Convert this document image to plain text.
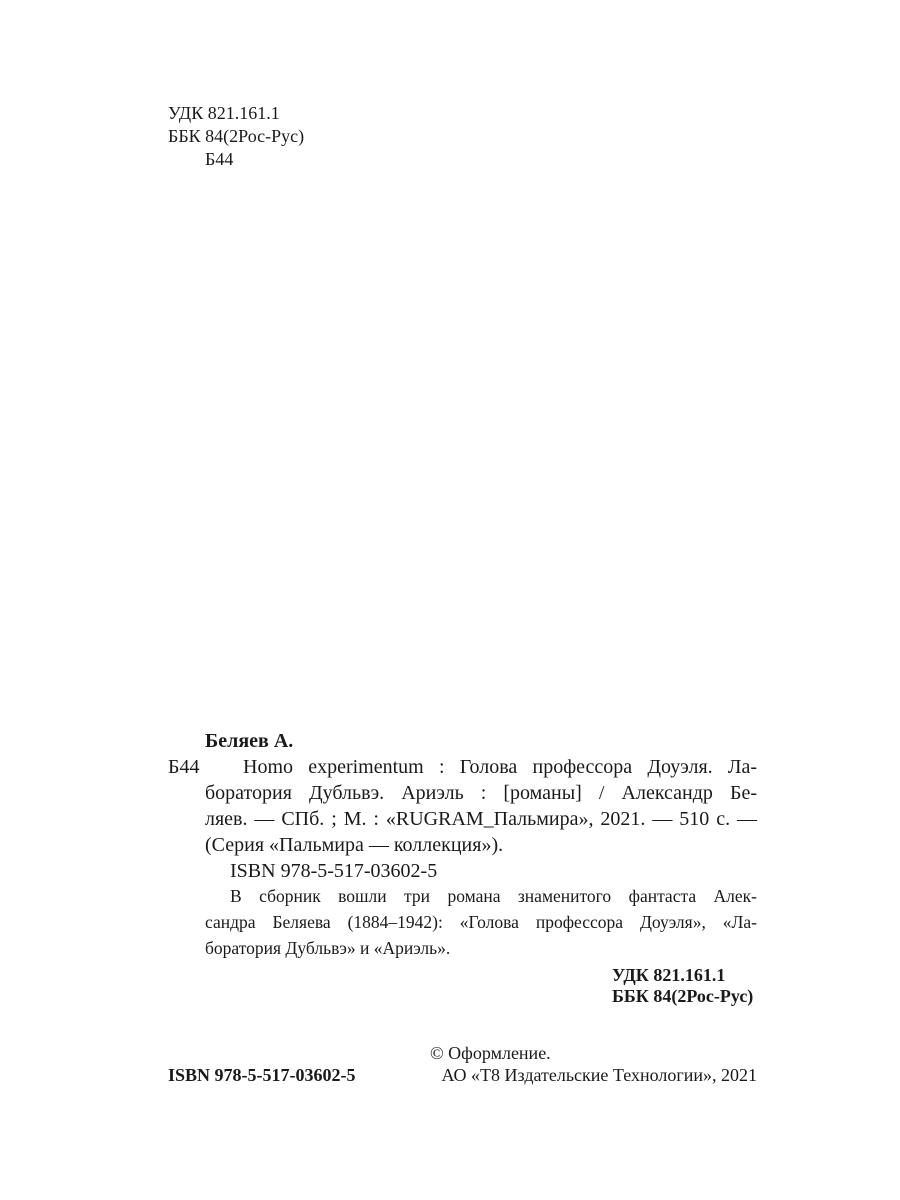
УДК 821.161.1
ББК 84(2Рос-Рус)
Б44
Беляев А.
Б44 Homo experimentum : Голова профессора Доуэля. Ла-
боратория Дубльвэ. Ариэль : [романы] / Александр Бе-
ляев. — СПб. ; М. : «RUGRAM_Пальмира», 2021. — 510 с. —
(Серия «Пальмира — коллекция»).
ISBN 978-5-517-03602-5
В сборник вошли три романа знаменитого фантаста Алек-
сандра Беляева (1884–1942): «Голова профессора Доуэля», «Ла-
боратория Дубльвэ» и «Ариэль».
УДК 821.161.1
ББК 84(2Рос-Рус)
© Оформление.
ISBN 978-5-517-03602-5	АО «Т8 Издательские Технологии», 2021
